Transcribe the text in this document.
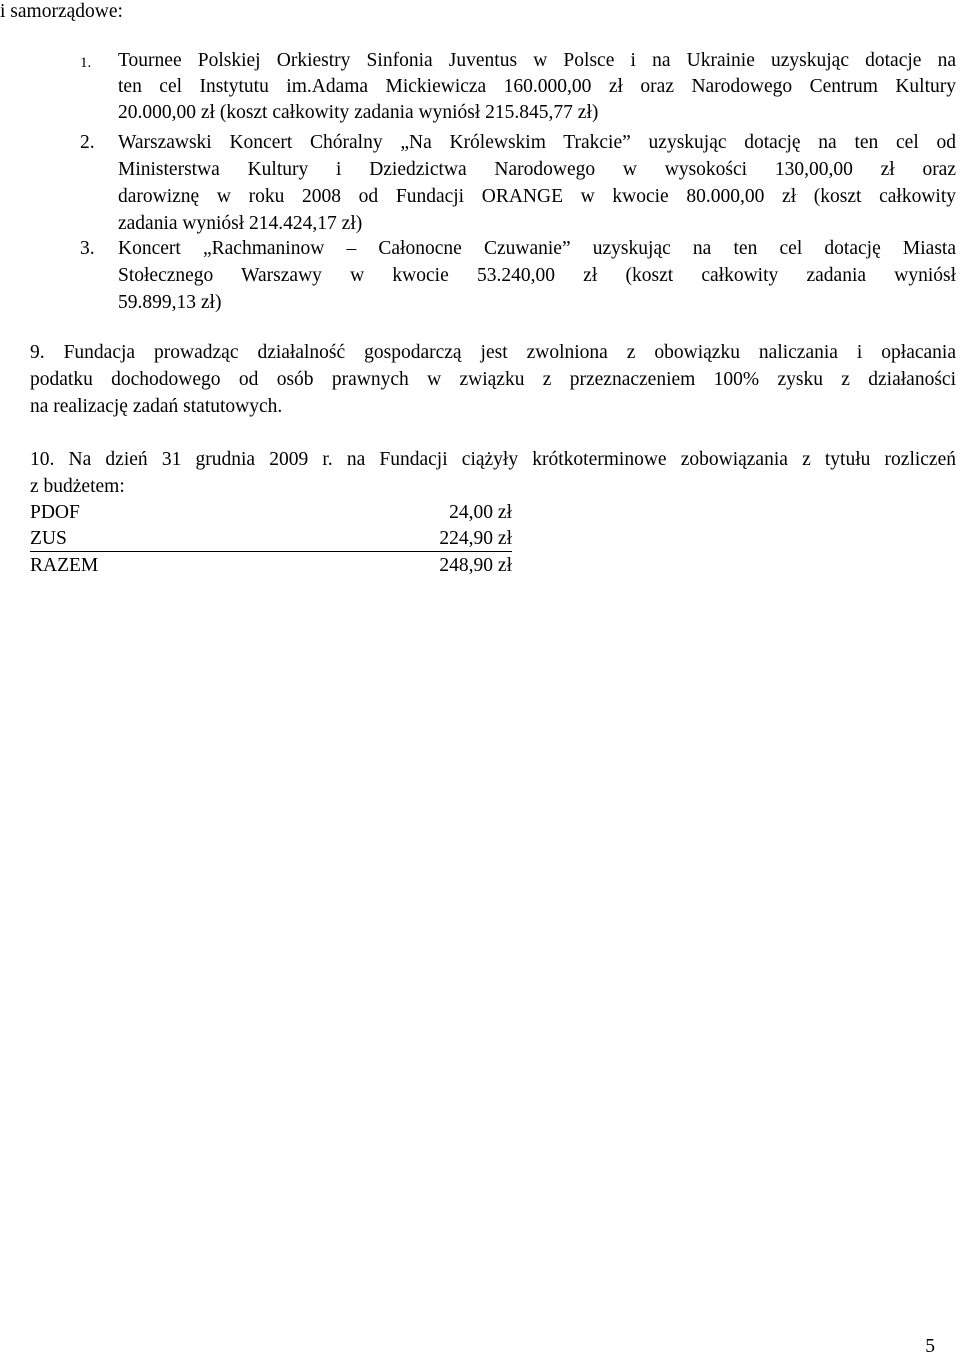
i samorządowe:
1. Tournee Polskiej Orkiestry Sinfonia Juventus w Polsce i na Ukrainie uzyskując dotacje na
ten cel Instytutu im.Adama Mickiewicza 160.000,00 zł oraz Narodowego Centrum Kultury
20.000,00 zł (koszt całkowity zadania wyniósł 215.845,77 zł)
2. Warszawski Koncert Chóralny „Na Królewskim Trakcie” uzyskując dotację na ten cel od
Ministerstwa Kultury i Dziedzictwa Narodowego w wysokości 130,00,00 zł oraz
darowiznę w roku 2008 od Fundacji ORANGE w kwocie 80.000,00 zł (koszt całkowity
zadania wyniósł 214.424,17 zł)
3. Koncert „Rachmaninow – Całonocne Czuwanie” uzyskując na ten cel dotację Miasta
Stołecznego Warszawy w kwocie 53.240,00 zł (koszt całkowity zadania wyniósł
59.899,13 zł)
9. Fundacja prowadząc działalność gospodarczą jest zwolniona z obowiązku naliczania i opłacania
podatku dochodowego od osób prawnych w związku z przeznaczeniem 100% zysku z działaności
na realizację zadań statutowych.
10. Na dzień 31 grudnia 2009 r. na Fundacji ciążyły krótkoterminowe zobowiązania z tytułu rozliczeń
z budżetem:
PDOF	24,00 zł
ZUS	224,90 zł
RAZEM	248,90 zł
5
